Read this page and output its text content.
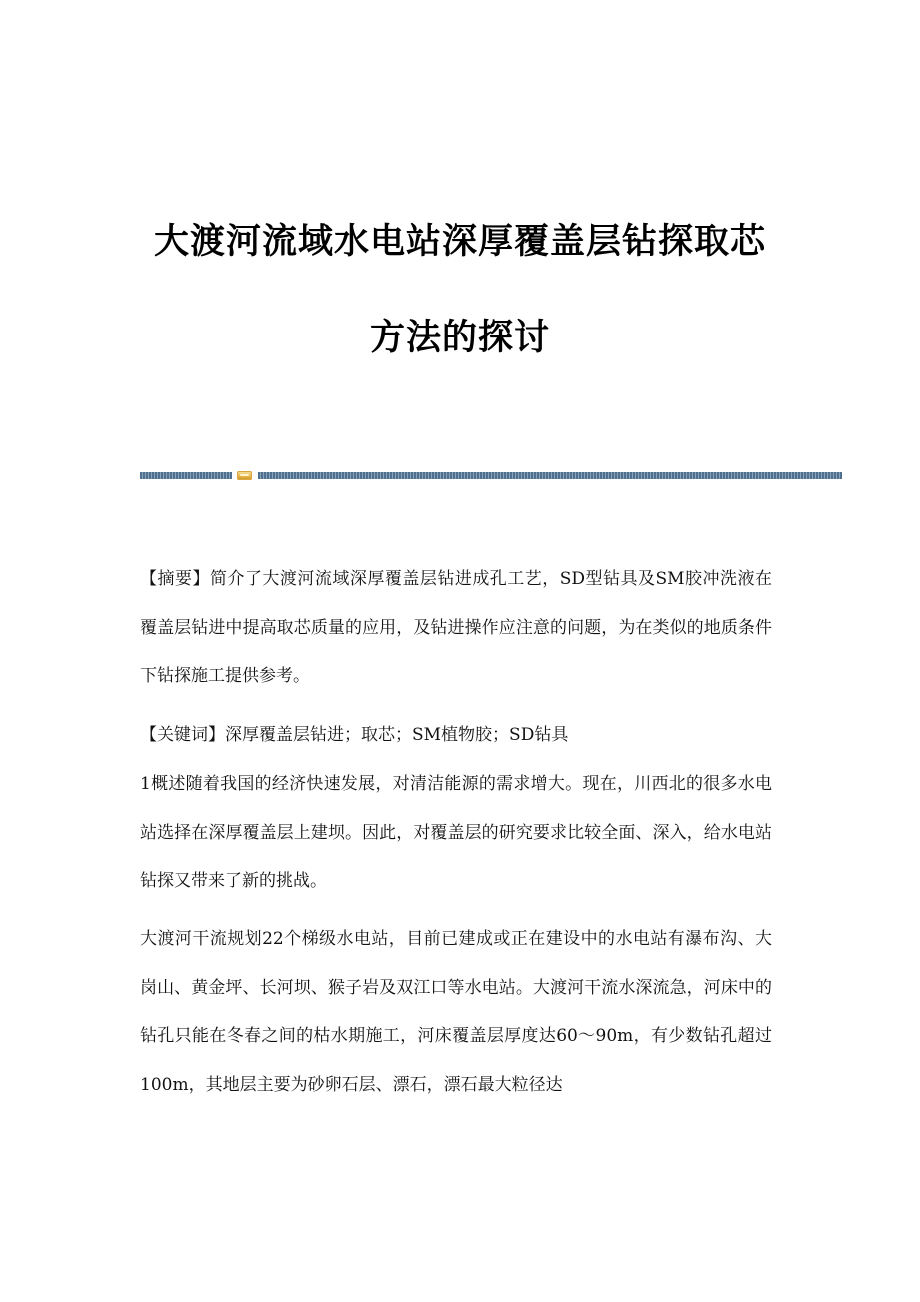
大渡河流域水电站深厚覆盖层钻探取芯
方法的探讨

【摘要】简介了大渡河流域深厚覆盖层钻进成孔工艺，SD型钻具及SM胶冲洗液在覆盖层钻进中提高取芯质量的应用，及钻进操作应注意的问题，为在类似的地质条件下钻探施工提供参考。

【关键词】深厚覆盖层钻进；取芯；SM植物胶；SD钻具

1概述随着我国的经济快速发展，对清洁能源的需求增大。现在，川西北的很多水电站选择在深厚覆盖层上建坝。因此，对覆盖层的研究要求比较全面、深入，给水电站钻探又带来了新的挑战。

大渡河干流规划22个梯级水电站，目前已建成或正在建设中的水电站有瀑布沟、大岗山、黄金坪、长河坝、猴子岩及双江口等水电站。大渡河干流水深流急，河床中的钻孔只能在冬春之间的枯水期施工，河床覆盖层厚度达60～90m，有少数钻孔超过100m，其地层主要为砂卵石层、漂石，漂石最大粒径达
